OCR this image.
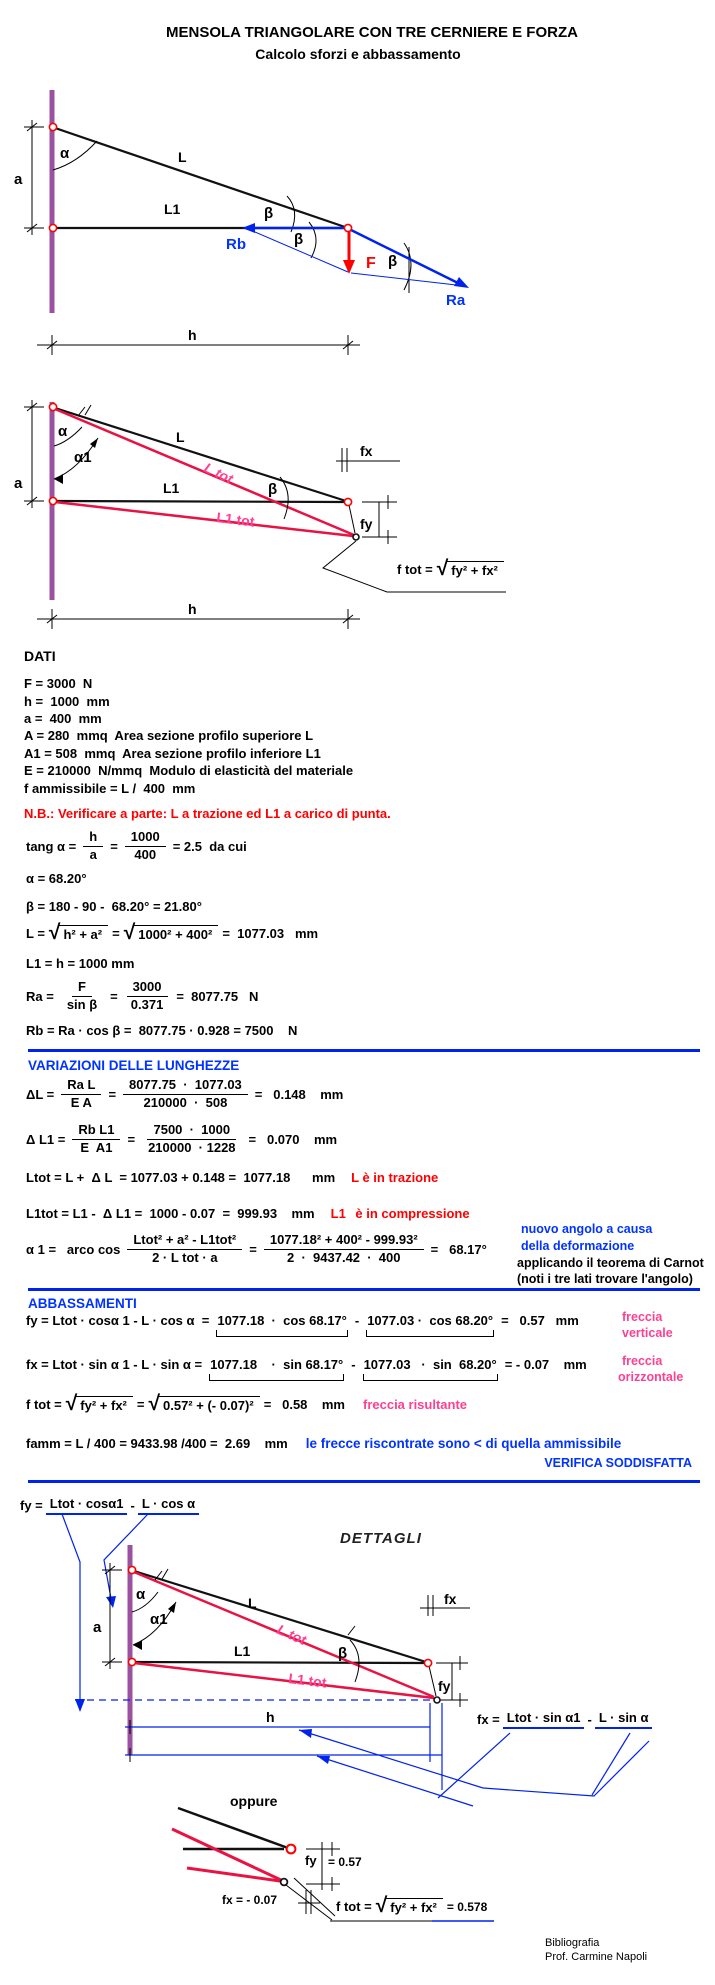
MENSOLA TRIANGOLARE CON TRE CERNIERE E FORZA
Calcolo sforzi e abbassamento
a
α	L
L1	β
β
β
Rb
F
Ra
h
a
α
α1
L
L tot
L1	β
L1 tot
fx
fy
h
f tot =	√ fy² + fx²
DATI
F = 3000  N
h =  1000  mm
a =  400  mm
A = 280  mmq  Area sezione profilo superiore L
A1 = 508  mmq  Area sezione profilo inferiore L1
E = 210000  N/mmq  Modulo di elasticità del materiale
f ammissibile = L /  400  mm
N.B.: Verificare a parte: L a trazione ed L1 a carico di punta.
tang $\alpha = \frac{h}{a} = \frac{1000}{400} = 2.5$  da cui
α = 68.20°
β = 180 - 90 -  68.20° = 21.80°
L =	√ h² + a² =	√ 1000² + 400² =  1077.03   mm
L1 = h = 1000 mm
$Ra = \frac{F}{\text{sin β}} = \frac{3000}{0.371} = 8077.75$   N
Rb = Ra · cos β =  8077.75 · 0.928 = 7500    N
VARIAZIONI DELLE LUNGHEZZE
$\Delta L = \frac{\text{Ra L}}{\text{E A}} = \frac{8077.75 \cdot 1077.03}{210000 \cdot 508} = 0.148$    mm
Δ $L1 = \frac{\text{Rb L1}}{\text{E  A1}} = \frac{7500 \cdot 1000}{210000 \cdot 1228} = 0.070$    mm
Ltot = L +  Δ L  = 1077.03 + 0.148 =  1077.18      mm L è in trazione
L1tot = L1 -  Δ L1 =  1000 - 0.07  =  999.93    mm L1 è in compressione
α 1 =   arco $\cos \frac{\text{Ltot² + a² - L1tot²}}{\text{2 · L tot · a}} = \frac{\text{1077.18² + 400² - 999.93²}}{2 \cdot 9437.42 \cdot 400} = 68.17^\circ$
nuovo angolo a causa
della deformazione
applicando il teorema di Carnot
(noti i tre lati trovare l'angolo)
ABBASSAMENTI
fy = Ltot · cosα 1 - L · cos α  = 1077.18  ·  cos 68.17° - 1077.03 ·  cos 68.20° =   0.57   mm	freccia
verticale
fx = Ltot · sin α 1 - L · sin α = 1077.18    ·  sin 68.17° - 1077.03   ·  sin  68.20° = - 0.07    mm	freccia
orizzontale
f tot =	√ fy² + fx² =	√ 0.57² + (- 0.07)² =   0.58    mm freccia risultante
famm = L / 400 = 9433.98 /400 =  2.69    mm le frecce riscontrate sono < di quella ammissibile
VERIFICA SODDISFATTA
fy = Ltot · cosα1 - L · cos α
DETTAGLI
a
α
α1
L
L tot
L1	β
L1 tot
fx
fy
h	fx = Ltot · sin α1 - L · sin α
oppure
fy = 0.57
fx = - 0.07	f tot =	√ fy² + fx² = 0.578
Bibliografia
Prof. Carmine Napoli
